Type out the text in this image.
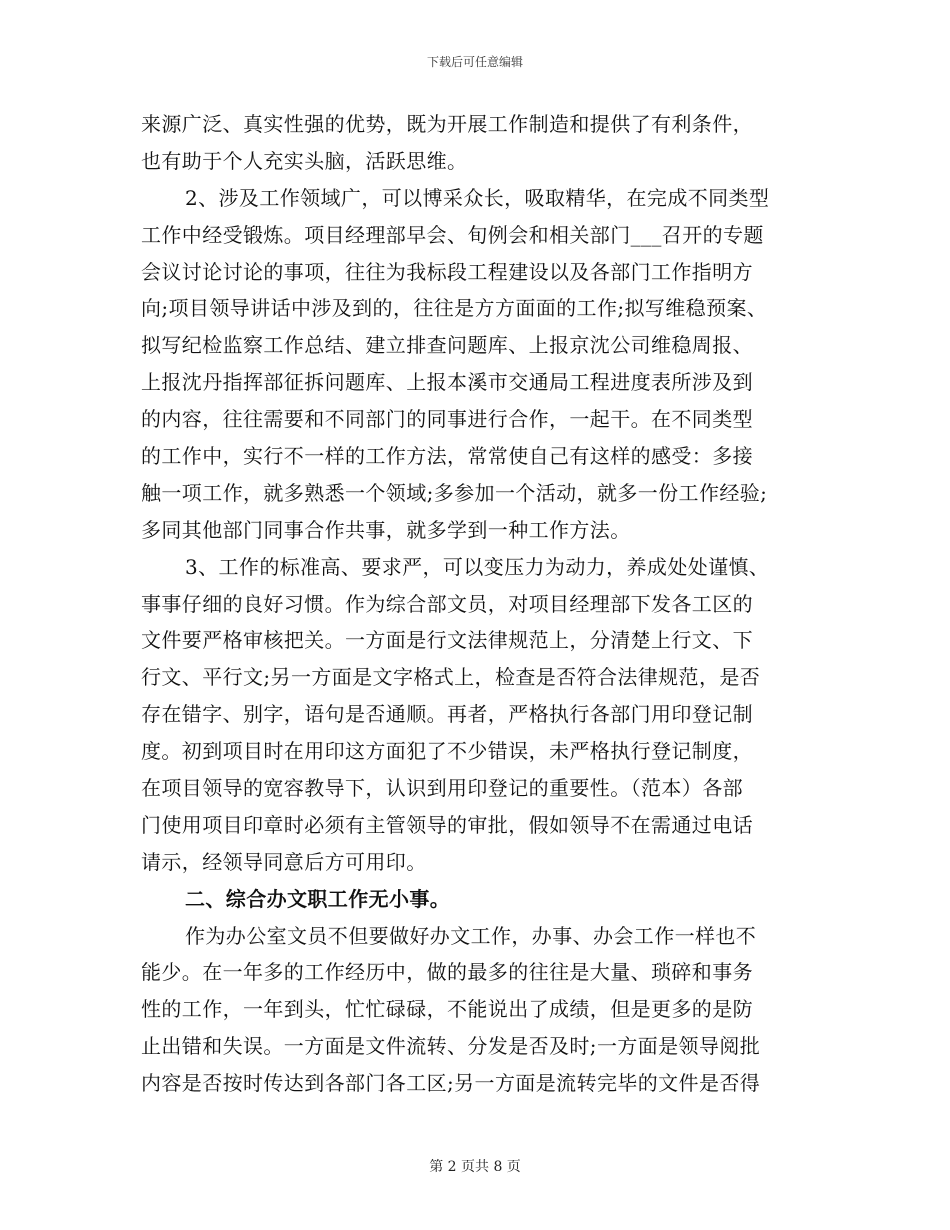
下载后可任意编辑
来源广泛、真实性强的优势，既为开展工作制造和提供了有利条件，
也有助于个人充实头脑，活跃思维。
2、涉及工作领域广，可以博采众长，吸取精华，在完成不同类型
工作中经受锻炼。项目经理部早会、旬例会和相关部门___召开的专题
会议讨论讨论的事项，往往为我标段工程建设以及各部门工作指明方
向;项目领导讲话中涉及到的，往往是方方面面的工作;拟写维稳预案、
拟写纪检监察工作总结、建立排查问题库、上报京沈公司维稳周报、
上报沈丹指挥部征拆问题库、上报本溪市交通局工程进度表所涉及到
的内容，往往需要和不同部门的同事进行合作，一起干。在不同类型
的工作中，实行不一样的工作方法，常常使自己有这样的感受：多接
触一项工作，就多熟悉一个领域;多参加一个活动，就多一份工作经验;
多同其他部门同事合作共事，就多学到一种工作方法。
3、工作的标准高、要求严，可以变压力为动力，养成处处谨慎、
事事仔细的良好习惯。作为综合部文员，对项目经理部下发各工区的
文件要严格审核把关。一方面是行文法律规范上，分清楚上行文、下
行文、平行文;另一方面是文字格式上，检查是否符合法律规范，是否
存在错字、别字，语句是否通顺。再者，严格执行各部门用印登记制
度。初到项目时在用印这方面犯了不少错误，未严格执行登记制度，
在项目领导的宽容教导下，认识到用印登记的重要性。（范本）各部
门使用项目印章时必须有主管领导的审批，假如领导不在需通过电话
请示，经领导同意后方可用印。
二、综合办文职工作无小事。
作为办公室文员不但要做好办文工作，办事、办会工作一样也不
能少。在一年多的工作经历中，做的最多的往往是大量、琐碎和事务
性的工作，一年到头，忙忙碌碌，不能说出了成绩，但是更多的是防
止出错和失误。一方面是文件流转、分发是否及时;一方面是领导阅批
内容是否按时传达到各部门各工区;另一方面是流转完毕的文件是否得
第 2 页共 8 页
